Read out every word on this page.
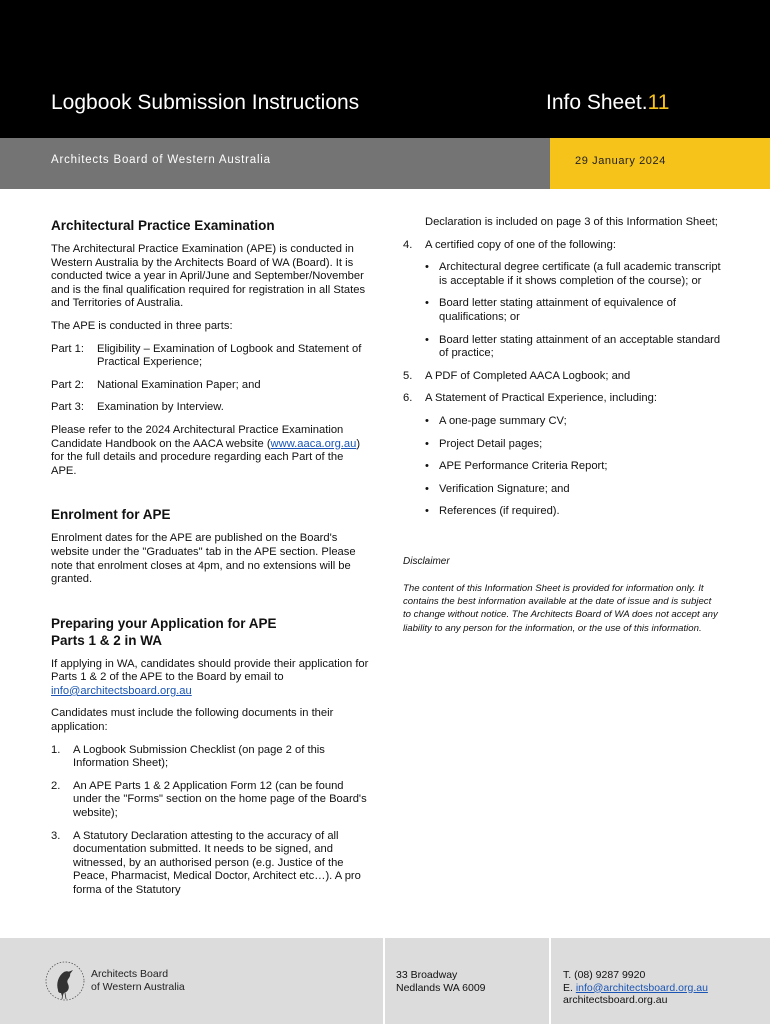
Logbook Submission Instructions	Info Sheet.11
Architects Board of Western Australia	29 January 2024
Architectural Practice Examination

The Architectural Practice Examination (APE) is conducted in Western Australia by the Architects Board of WA (Board). It is conducted twice a year in April/June and September/November and is the final qualification required for registration in all States and Territories of Australia.

The APE is conducted in three parts:

Part 1:	Eligibility – Examination of Logbook and Statement of Practical Experience;
Part 2:	National Examination Paper; and
Part 3:	Examination by Interview.

Please refer to the 2024 Architectural Practice Examination Candidate Handbook on the AACA website (www.aaca.org.au) for the full details and procedure regarding each Part of the APE.

Enrolment for APE

Enrolment dates for the APE are published on the Board's website under the "Graduates" tab in the APE section. Please note that enrolment closes at 4pm, and no extensions will be granted.

Preparing your Application for APE
Parts 1 & 2 in WA

If applying in WA, candidates should provide their application for Parts 1 & 2 of the APE to the Board by email to info@architectsboard.org.au

Candidates must include the following documents in their application:

1.	A Logbook Submission Checklist (on page 2 of this Information Sheet);
2.	An APE Parts 1 & 2 Application Form 12 (can be found under the "Forms" section on the home page of the Board's website);
3.	A Statutory Declaration attesting to the accuracy of all documentation submitted. It needs to be signed, and witnessed, by an authorised person (e.g. Justice of the Peace, Pharmacist, Medical Doctor, Architect etc…). A pro forma of the Statutory

Declaration is included on page 3 of this Information Sheet;

4.	A certified copy of one of the following:
• Architectural degree certificate (a full academic transcript is acceptable if it shows completion of the course); or
• Board letter stating attainment of equivalence of qualifications; or
• Board letter stating attainment of an acceptable standard of practice;
5.	A PDF of Completed AACA Logbook; and
6.	A Statement of Practical Experience, including:
• A one-page summary CV;
• Project Detail pages;
• APE Performance Criteria Report;
• Verification Signature; and
• References (if required).
Disclaimer
The content of this Information Sheet is provided for information only. It contains the best information available at the date of issue and is subject to change without notice. The Architects Board of WA does not accept any liability to any person for the information, or the use of this information.
Architects Board
of Western Australia
33 Broadway
Nedlands WA 6009
T. (08) 9287 9920
E. info@architectsboard.org.au
architectsboard.org.au
